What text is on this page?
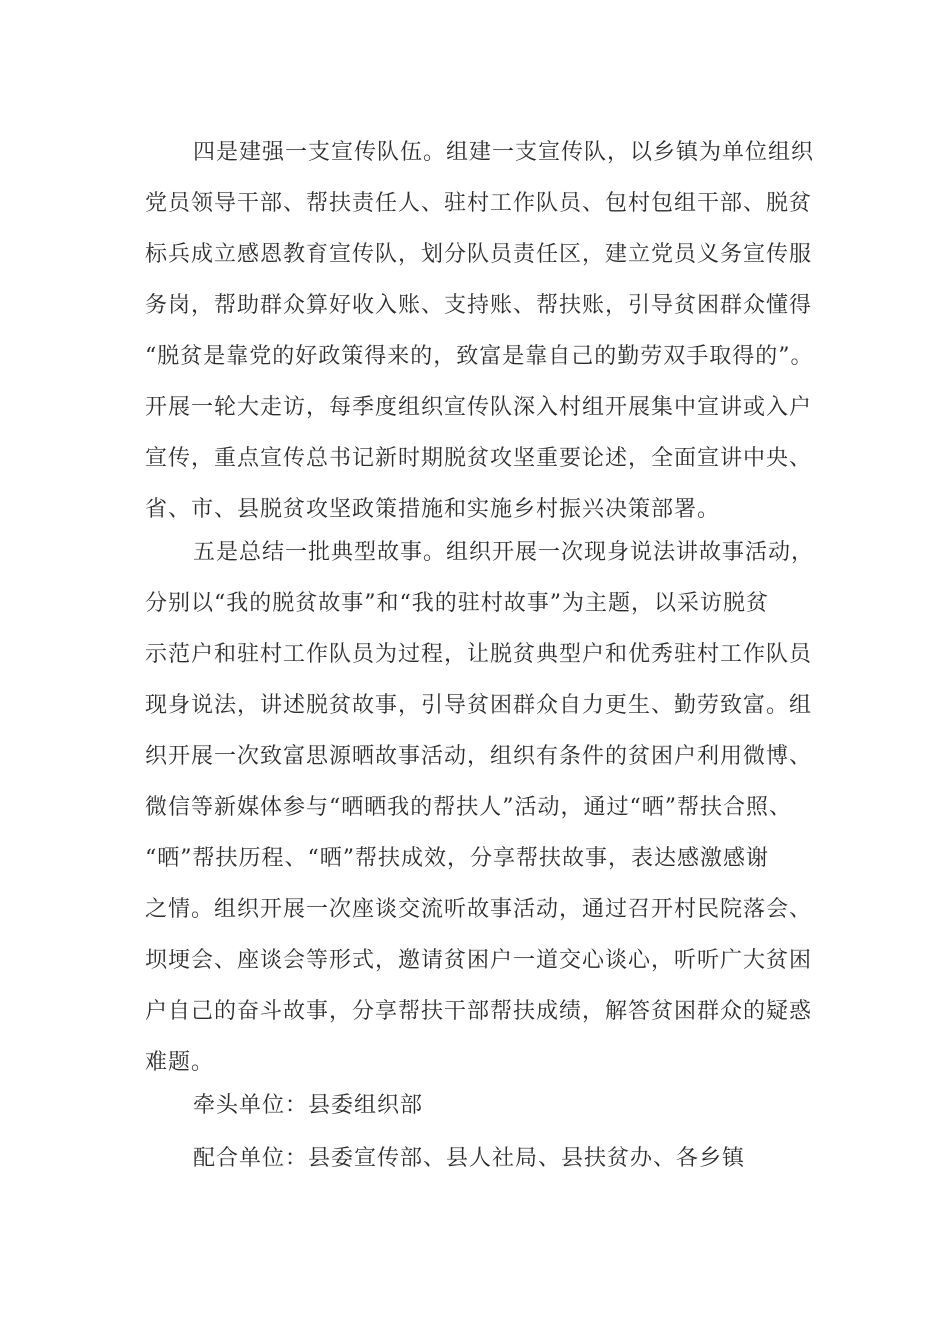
四是建强一支宣传队伍。组建一支宣传队，以乡镇为单位组织
党员领导干部、帮扶责任人、驻村工作队员、包村包组干部、脱贫
标兵成立感恩教育宣传队，划分队员责任区，建立党员义务宣传服
务岗，帮助群众算好收入账、支持账、帮扶账，引导贫困群众懂得
“脱贫是靠党的好政策得来的，致富是靠自己的勤劳双手取得的”。
开展一轮大走访，每季度组织宣传队深入村组开展集中宣讲或入户
宣传，重点宣传总书记新时期脱贫攻坚重要论述，全面宣讲中央、
省、市、县脱贫攻坚政策措施和实施乡村振兴决策部署。

五是总结一批典型故事。组织开展一次现身说法讲故事活动，
分别以“我的脱贫故事”和“我的驻村故事”为主题，以采访脱贫
示范户和驻村工作队员为过程，让脱贫典型户和优秀驻村工作队员
现身说法，讲述脱贫故事，引导贫困群众自力更生、勤劳致富。组
织开展一次致富思源晒故事活动，组织有条件的贫困户利用微博、
微信等新媒体参与“晒晒我的帮扶人”活动，通过“晒”帮扶合照、
“晒”帮扶历程、“晒”帮扶成效，分享帮扶故事，表达感激感谢
之情。组织开展一次座谈交流听故事活动，通过召开村民院落会、
坝埂会、座谈会等形式，邀请贫困户一道交心谈心，听听广大贫困
户自己的奋斗故事，分享帮扶干部帮扶成绩，解答贫困群众的疑惑
难题。

牵头单位：县委组织部

配合单位：县委宣传部、县人社局、县扶贫办、各乡镇
